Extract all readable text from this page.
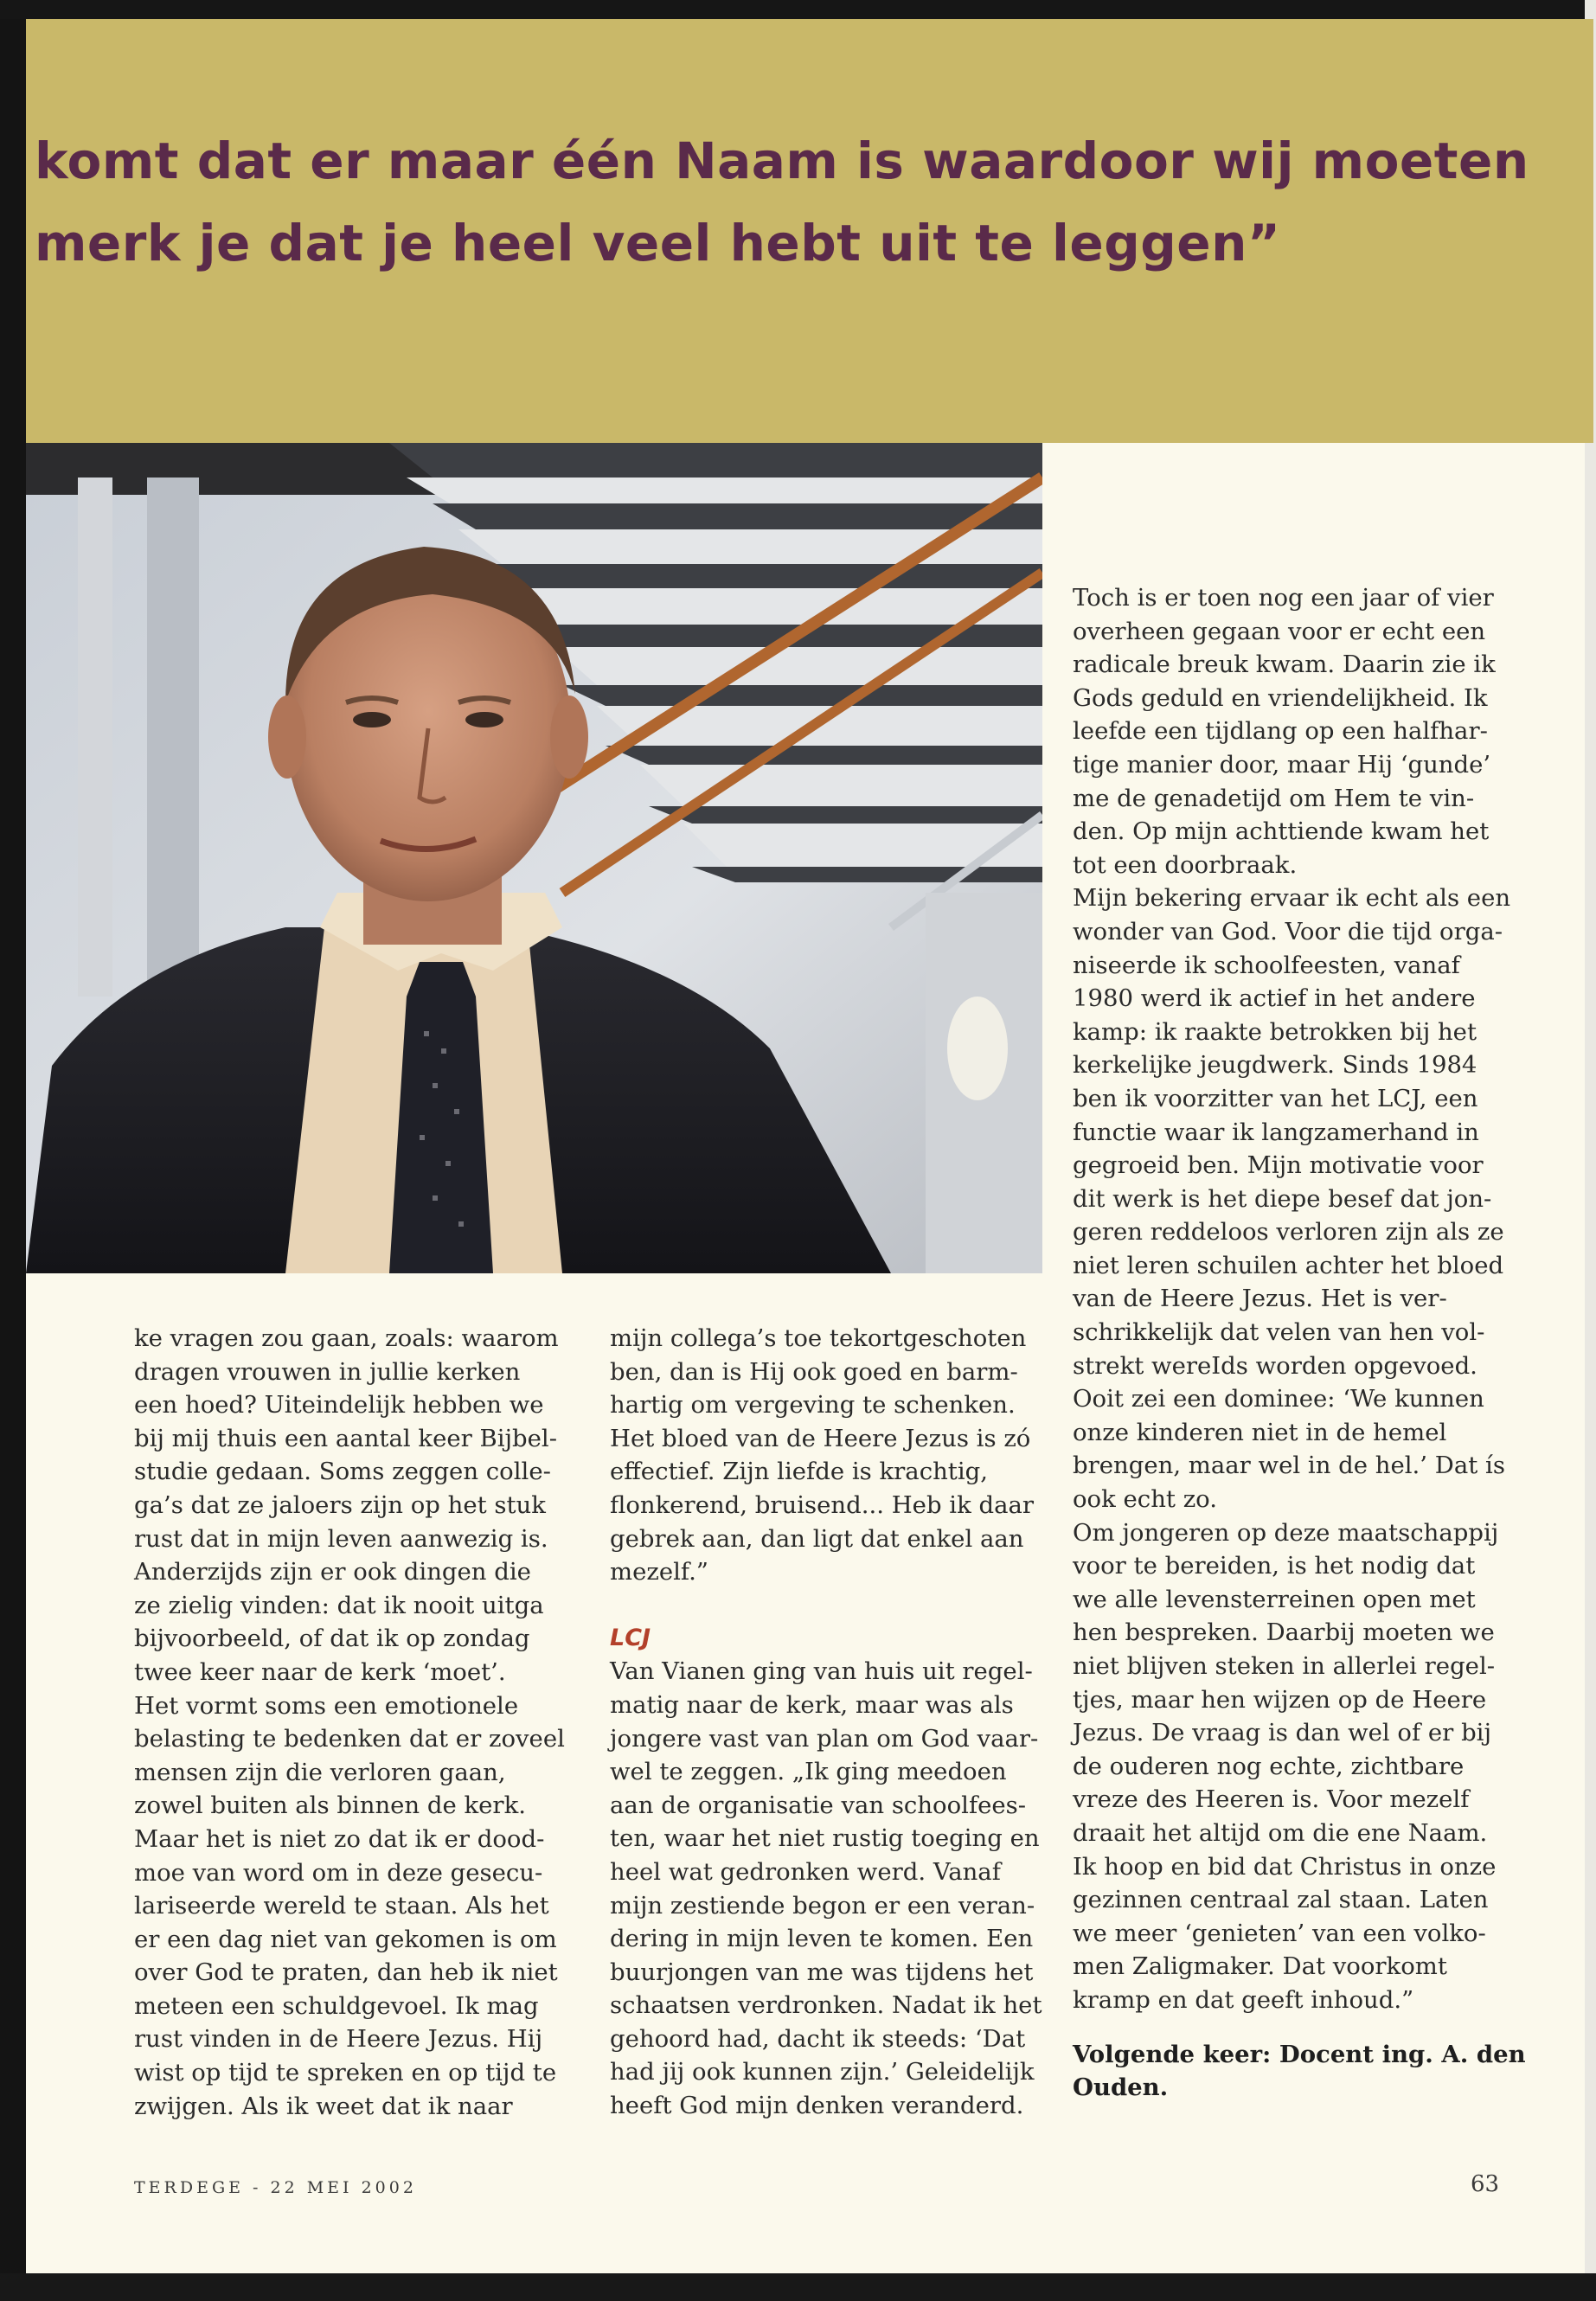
komt dat er maar één Naam is waardoor wij moeten
merk je dat je heel veel hebt uit te leggen”
ke vragen zou gaan, zoals: waarom
dragen vrouwen in jullie kerken
een hoed? Uiteindelijk hebben we
bij mij thuis een aantal keer Bijbel-
studie gedaan. Soms zeggen colle-
ga’s dat ze jaloers zijn op het stuk
rust dat in mijn leven aanwezig is.
Anderzijds zijn er ook dingen die
ze zielig vinden: dat ik nooit uitga
bijvoorbeeld, of dat ik op zondag
twee keer naar de kerk ‘moet’.
Het vormt soms een emotionele
belasting te bedenken dat er zoveel
mensen zijn die verloren gaan,
zowel buiten als binnen de kerk.
Maar het is niet zo dat ik er dood-
moe van word om in deze gesecu-
lariseerde wereld te staan. Als het
er een dag niet van gekomen is om
over God te praten, dan heb ik niet
meteen een schuldgevoel. Ik mag
rust vinden in de Heere Jezus. Hij
wist op tijd te spreken en op tijd te
zwijgen. Als ik weet dat ik naar
mijn collega’s toe tekortgeschoten
ben, dan is Hij ook goed en barm-
hartig om vergeving te schenken.
Het bloed van de Heere Jezus is zó
effectief. Zijn liefde is krachtig,
flonkerend, bruisend... Heb ik daar
gebrek aan, dan ligt dat enkel aan
mezelf.”
LCJ
Van Vianen ging van huis uit regel-
matig naar de kerk, maar was als
jongere vast van plan om God vaar-
wel te zeggen. „Ik ging meedoen
aan de organisatie van schoolfees-
ten, waar het niet rustig toeging en
heel wat gedronken werd. Vanaf
mijn zestiende begon er een veran-
dering in mijn leven te komen. Een
buurjongen van me was tijdens het
schaatsen verdronken. Nadat ik het
gehoord had, dacht ik steeds: ‘Dat
had jij ook kunnen zijn.’ Geleidelijk
heeft God mijn denken veranderd.
Toch is er toen nog een jaar of vier
overheen gegaan voor er echt een
radicale breuk kwam. Daarin zie ik
Gods geduld en vriendelijkheid. Ik
leefde een tijdlang op een halfhar-
tige manier door, maar Hij ‘gunde’
me de genadetijd om Hem te vin-
den. Op mijn achttiende kwam het
tot een doorbraak.
Mijn bekering ervaar ik echt als een
wonder van God. Voor die tijd orga-
niseerde ik schoolfeesten, vanaf
1980 werd ik actief in het andere
kamp: ik raakte betrokken bij het
kerkelijke jeugdwerk. Sinds 1984
ben ik voorzitter van het LCJ, een
functie waar ik langzamerhand in
gegroeid ben. Mijn motivatie voor
dit werk is het diepe besef dat jon-
geren reddeloos verloren zijn als ze
niet leren schuilen achter het bloed
van de Heere Jezus. Het is ver-
schrikkelijk dat velen van hen vol-
strekt wereIds worden opgevoed.
Ooit zei een dominee: ‘We kunnen
onze kinderen niet in de hemel
brengen, maar wel in de hel.’ Dat ís
ook echt zo.
Om jongeren op deze maatschappij
voor te bereiden, is het nodig dat
we alle levensterreinen open met
hen bespreken. Daarbij moeten we
niet blijven steken in allerlei regel-
tjes, maar hen wijzen op de Heere
Jezus. De vraag is dan wel of er bij
de ouderen nog echte, zichtbare
vreze des Heeren is. Voor mezelf
draait het altijd om die ene Naam.
Ik hoop en bid dat Christus in onze
gezinnen centraal zal staan. Laten
we meer ‘genieten’ van een volko-
men Zaligmaker. Dat voorkomt
kramp en dat geeft inhoud.”
Volgende keer: Docent ing. A. den
Ouden.
TERDEGE - 22 MEI 2002	63
